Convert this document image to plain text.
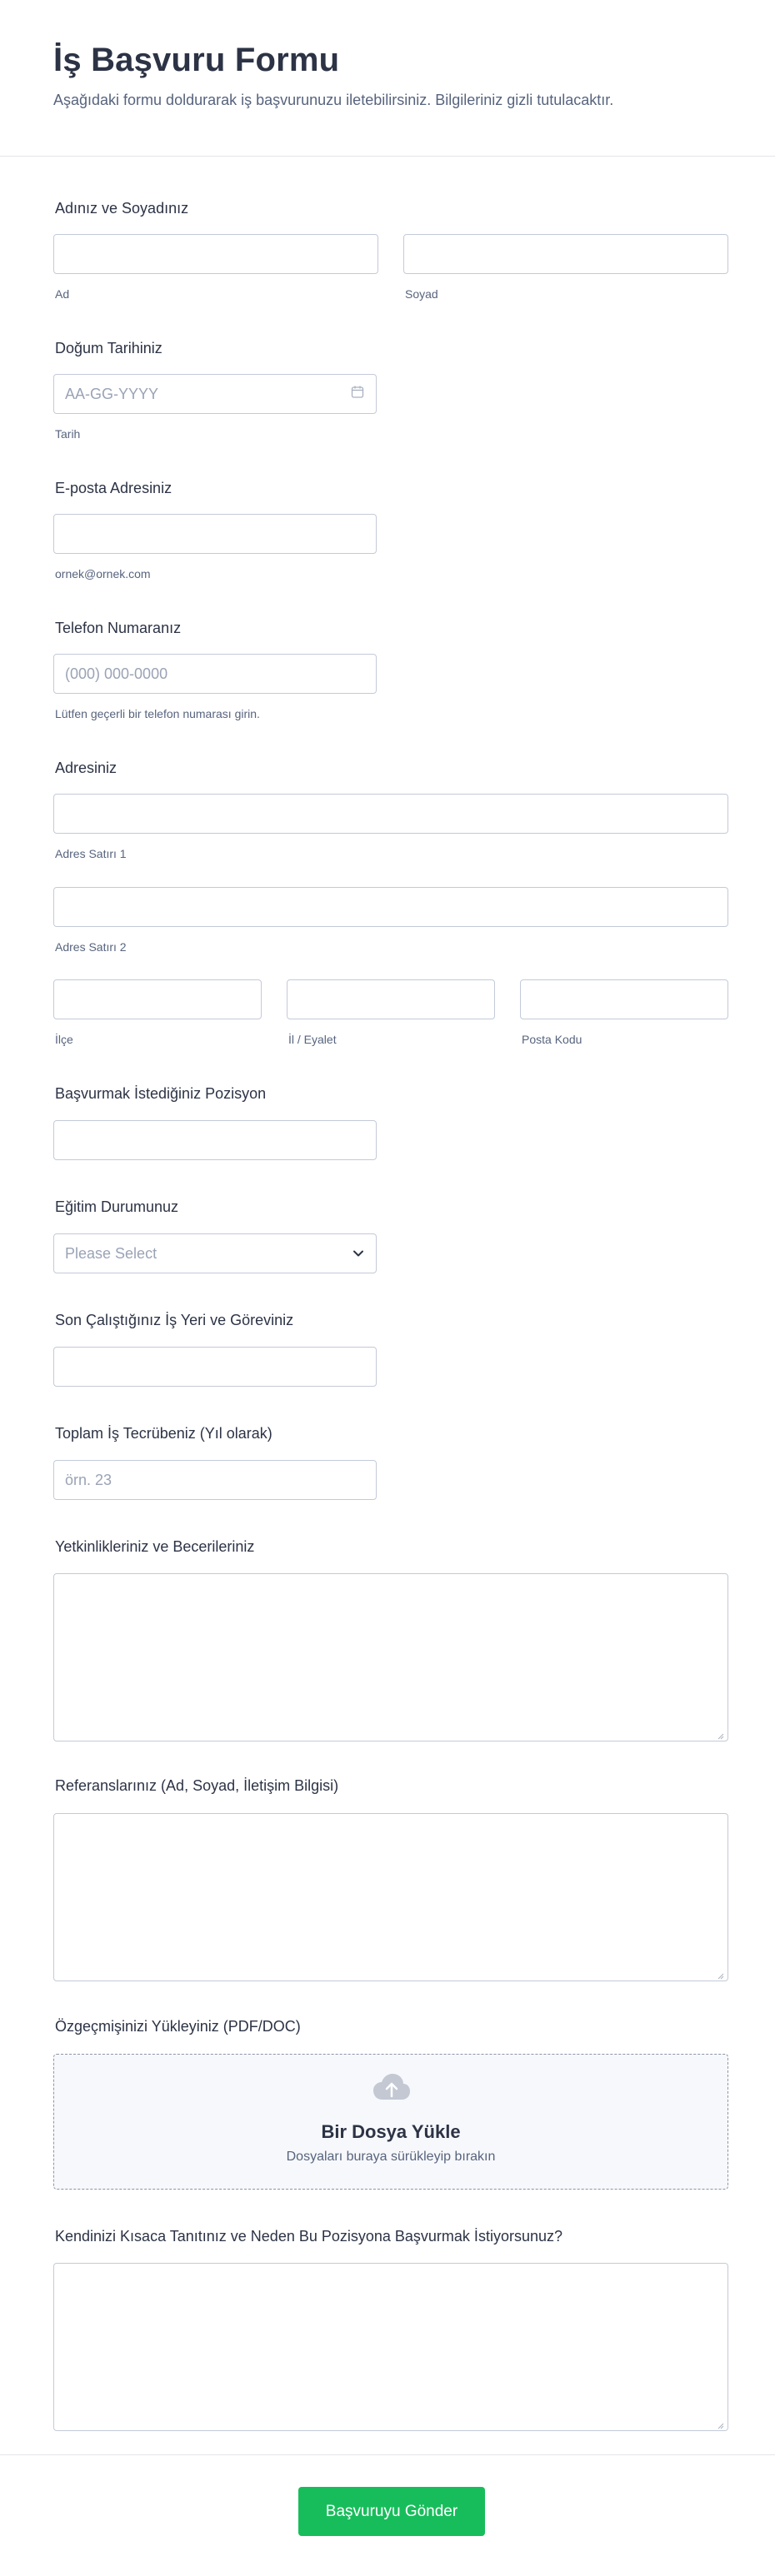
İş Başvuru Formu

Aşağıdaki formu doldurarak iş başvurunuzu iletebilirsiniz. Bilgileriniz gizli tutulacaktır.

Adınız ve Soyadınız
Ad	Soyad
Doğum Tarihiniz
AA-GG-YYYY
Tarih
E-posta Adresiniz
ornek@ornek.com
Telefon Numaranız
(000) 000-0000
Lütfen geçerli bir telefon numarası girin.
Adresiniz
Adres Satırı 1
Adres Satırı 2
İlçe	İl / Eyalet	Posta Kodu
Başvurmak İstediğiniz Pozisyon
Eğitim Durumunuz
Please Select
Son Çalıştığınız İş Yeri ve Göreviniz
Toplam İş Tecrübeniz (Yıl olarak)
örn. 23
Yetkinlikleriniz ve Becerileriniz
Referanslarınız (Ad, Soyad, İletişim Bilgisi)
Özgeçmişinizi Yükleyiniz (PDF/DOC)
Bir Dosya Yükle
Dosyaları buraya sürükleyip bırakın
Kendinizi Kısaca Tanıtınız ve Neden Bu Pozisyona Başvurmak İstiyorsunuz?
Başvuruyu Gönder
